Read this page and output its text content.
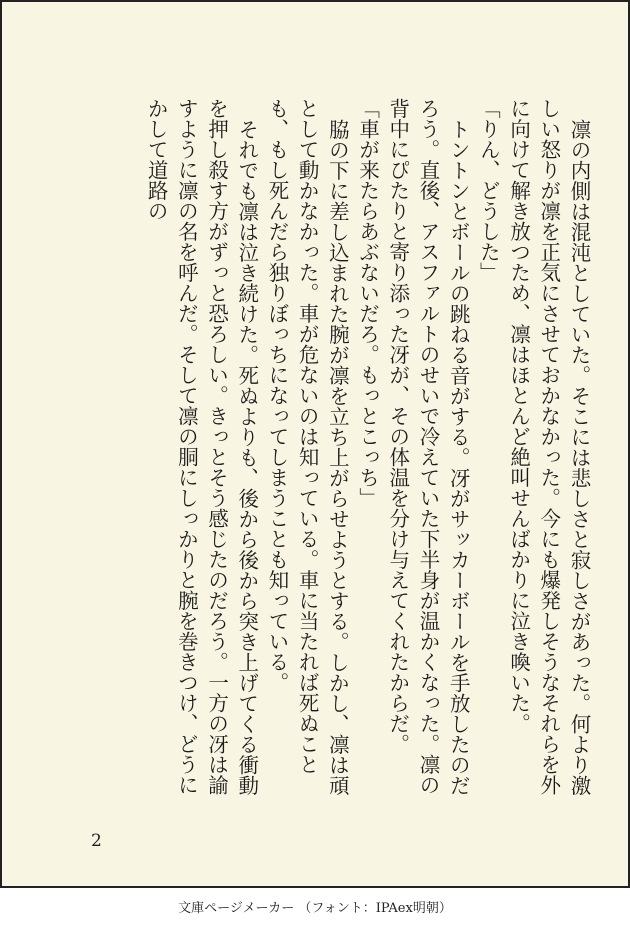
凛の内側は混沌としていた。そこには悲しさと寂しさがあった。何より激しい怒りが凛を正気にさせておかなかった。今にも爆発しそうなそれらを外に向けて解き放つため、凛はほとんど絶叫せんばかりに泣き喚いた。

「りん、どうした」

トントンとボールの跳ねる音がする。冴がサッカーボールを手放したのだろう。直後、アスファルトのせいで冷えていた下半身が温かくなった。凛の背中にぴたりと寄り添った冴が、その体温を分け与えてくれたからだ。

「車が来たらあぶないだろ。もっとこっち」

脇の下に差し込まれた腕が凛を立ち上がらせようとする。しかし、凛は頑として動かなかった。車が危ないのは知っている。車に当たれば死ぬことも、もし死んだら独りぼっちになってしまうことも知っている。

それでも凛は泣き続けた。死ぬよりも、後から後から突き上げてくる衝動を押し殺す方がずっと恐ろしい。きっとそう感じたのだろう。一方の冴は諭すように凛の名を呼んだ。そして凛の胴にしっかりと腕を巻きつけ、どうにかして道路の

2
文庫ページメーカー （フォント：IPAex明朝）
